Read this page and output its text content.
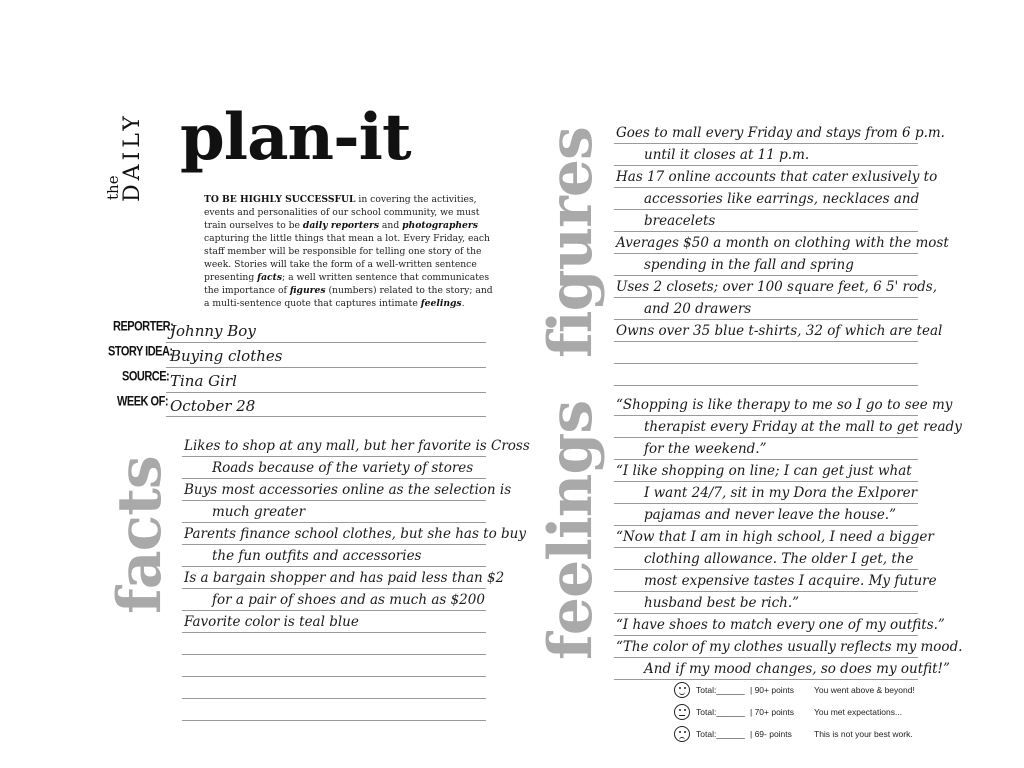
the
DAILY plan-it
TO BE HIGHLY SUCCESSFUL in covering the activities, events and personalities of our school community, we must train ourselves to be daily reporters and photographers capturing the little things that mean a lot. Every Friday, each staff member will be responsible for telling one story of the week. Stories will take the form of a well-written sentence presenting facts; a well written sentence that communicates the importance of figures (numbers) related to the story; and a multi-sentence quote that captures intimate feelings.
REPORTER:
Johnny Boy
STORY IDEA:
Buying clothes
SOURCE: Tina Girl
WEEK OF: October 28
facts
figures
feelings
Likes to shop at any mall, but her favorite is Cross
Roads because of the variety of stores
Buys most accessories online as the selection is
much greater
Parents finance school clothes, but she has to buy
the fun outfits and accessories
Is a bargain shopper and has paid less than $2
for a pair of shoes and as much as $200
Favorite color is teal blue
Goes to mall every Friday and stays from 6 p.m.
until it closes at 11 p.m.
Has 17 online accounts that cater exlusively to
accessories like earrings, necklaces and
breacelets
Averages $50 a month on clothing with the most
spending in the fall and spring
Uses 2 closets; over 100 square feet, 6 5' rods,
and 20 drawers
Owns over 35 blue t-shirts, 32 of which are teal
“Shopping is like therapy to me so I go to see my
therapist every Friday at the mall to get ready
for the weekend.”
“I like shopping on line; I can get just what
I want 24/7, sit in my Dora the Exlporer
pajamas and never leave the house.”
“Now that I am in high school, I need a bigger
clothing allowance. The older I get, the
most expensive tastes I acquire. My future
husband best be rich.”
“I have shoes to match every one of my outfits.”
“The color of my clothes usually reflects my mood.
And if my mood changes, so does my outfit!”
Total:______ | 90+ points You went above & beyond!
Total:______ | 70+ points You met expectations...
Total:______ | 69- points	This is not your best work.
